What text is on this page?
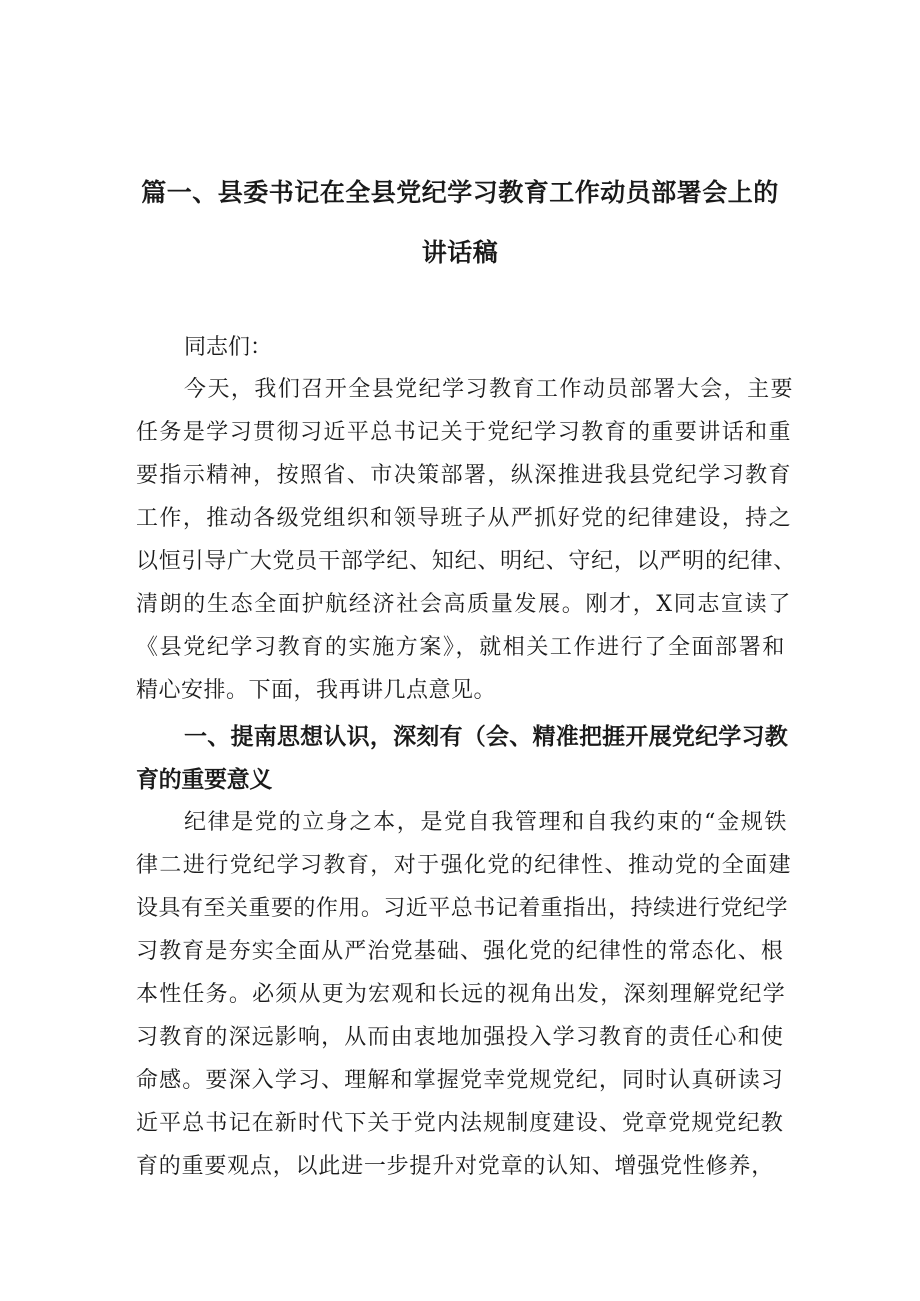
篇一、县委书记在全县党纪学习教育工作动员部署会上的
讲话稿
同志们：
今天，我们召开全县党纪学习教育工作动员部署大会，主要
任务是学习贯彻习近平总书记关于党纪学习教育的重要讲话和重
要指示精神，按照省、市决策部署，纵深推进我县党纪学习教育
工作，推动各级党组织和领导班子从严抓好党的纪律建设，持之
以恒引导广大党员干部学纪、知纪、明纪、守纪，以严明的纪律、
清朗的生态全面护航经济社会高质量发展。刚才，X同志宣读了
《县党纪学习教育的实施方案》，就相关工作进行了全面部署和
精心安排。下面，我再讲几点意见。
一、提南思想认识，深刻有（会、精准把捱开展党纪学习教
育的重要意义
纪律是党的立身之本，是党自我管理和自我约束的“金规铁
律二进行党纪学习教育，对于强化党的纪律性、推动党的全面建
设具有至关重要的作用。习近平总书记着重指出，持续进行党纪学
习教育是夯实全面从严治党基础、强化党的纪律性的常态化、根
本性任务。必须从更为宏观和长远的视角出发，深刻理解党纪学
习教育的深远影响，从而由衷地加强投入学习教育的责任心和使
命感。要深入学习、理解和掌握党幸党规党纪，同时认真研读习
近平总书记在新时代下关于党内法规制度建设、党章党规党纪教
育的重要观点，以此进一步提升对党章的认知、增强党性修养，
